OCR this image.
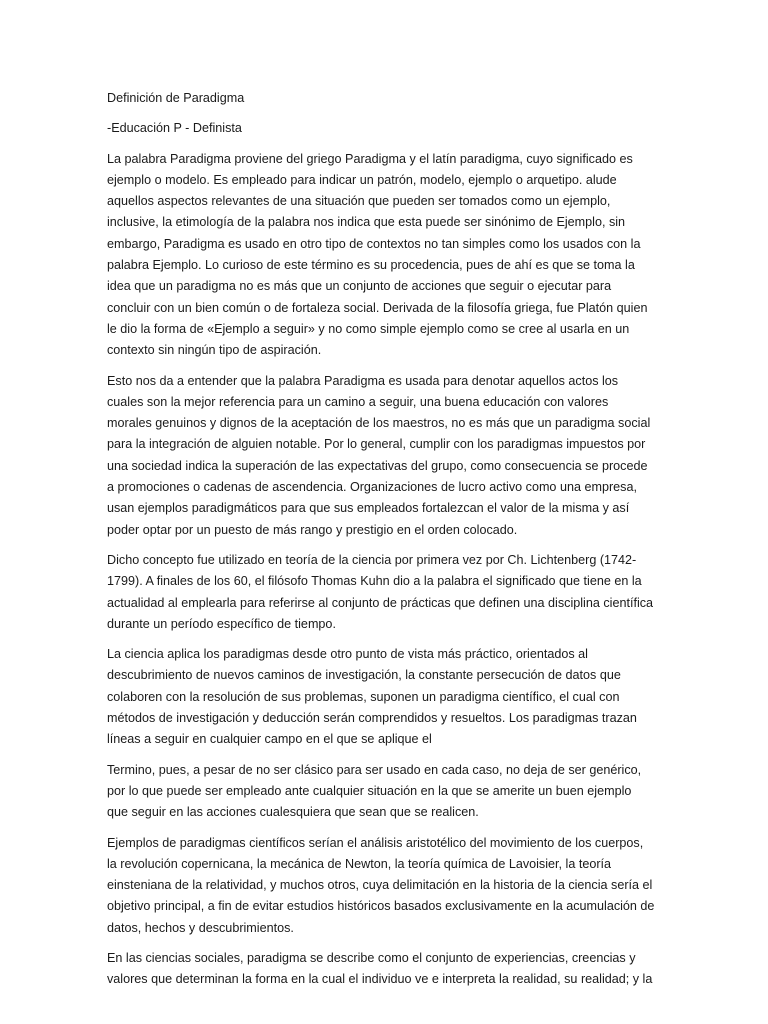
Definición de Paradigma

-Educación P - Definista

La palabra Paradigma proviene del griego Paradigma y el latín paradigma, cuyo significado es ejemplo o modelo. Es empleado para indicar un patrón, modelo, ejemplo o arquetipo. alude aquellos aspectos relevantes de una situación que pueden ser tomados como un ejemplo, inclusive, la etimología de la palabra nos indica que esta puede ser sinónimo de Ejemplo, sin embargo, Paradigma es usado en otro tipo de contextos no tan simples como los usados con la palabra Ejemplo. Lo curioso de este término es su procedencia, pues de ahí es que se toma la idea que un paradigma no es más que un conjunto de acciones que seguir o ejecutar para concluir con un bien común o de fortaleza social. Derivada de la filosofía griega, fue Platón quien le dio la forma de «Ejemplo a seguir» y no como simple ejemplo como se cree al usarla en un contexto sin ningún tipo de aspiración.

Esto nos da a entender que la palabra Paradigma es usada para denotar aquellos actos los cuales son la mejor referencia para un camino a seguir, una buena educación con valores morales genuinos y dignos de la aceptación de los maestros, no es más que un paradigma social para la integración de alguien notable. Por lo general, cumplir con los paradigmas impuestos por una sociedad indica la superación de las expectativas del grupo, como consecuencia se procede a promociones o cadenas de ascendencia. Organizaciones de lucro activo como una empresa, usan ejemplos paradigmáticos para que sus empleados fortalezcan el valor de la misma y así poder optar por un puesto de más rango y prestigio en el orden colocado.

Dicho concepto fue utilizado en teoría de la ciencia por primera vez por Ch. Lichtenberg (1742-1799). A finales de los 60, el filósofo Thomas Kuhn dio a la palabra el significado que tiene en la actualidad al emplearla para referirse al conjunto de prácticas que definen una disciplina científica durante un período específico de tiempo.

La ciencia aplica los paradigmas desde otro punto de vista más práctico, orientados al descubrimiento de nuevos caminos de investigación, la constante persecución de datos que colaboren con la resolución de sus problemas, suponen un paradigma científico, el cual con métodos de investigación y deducción serán comprendidos y resueltos. Los paradigmas trazan líneas a seguir en cualquier campo en el que se aplique el

Termino, pues, a pesar de no ser clásico para ser usado en cada caso, no deja de ser genérico, por lo que puede ser empleado ante cualquier situación en la que se amerite un buen ejemplo que seguir en las acciones cualesquiera que sean que se realicen.

Ejemplos de paradigmas científicos serían el análisis aristotélico del movimiento de los cuerpos, la revolución copernicana, la mecánica de Newton, la teoría química de Lavoisier, la teoría einsteniana de la relatividad, y muchos otros, cuya delimitación en la historia de la ciencia sería el objetivo principal, a fin de evitar estudios históricos basados exclusivamente en la acumulación de datos, hechos y descubrimientos.

En las ciencias sociales, paradigma se describe como el conjunto de experiencias, creencias y valores que determinan la forma en la cual el individuo ve e interpreta la realidad, su realidad; y la
